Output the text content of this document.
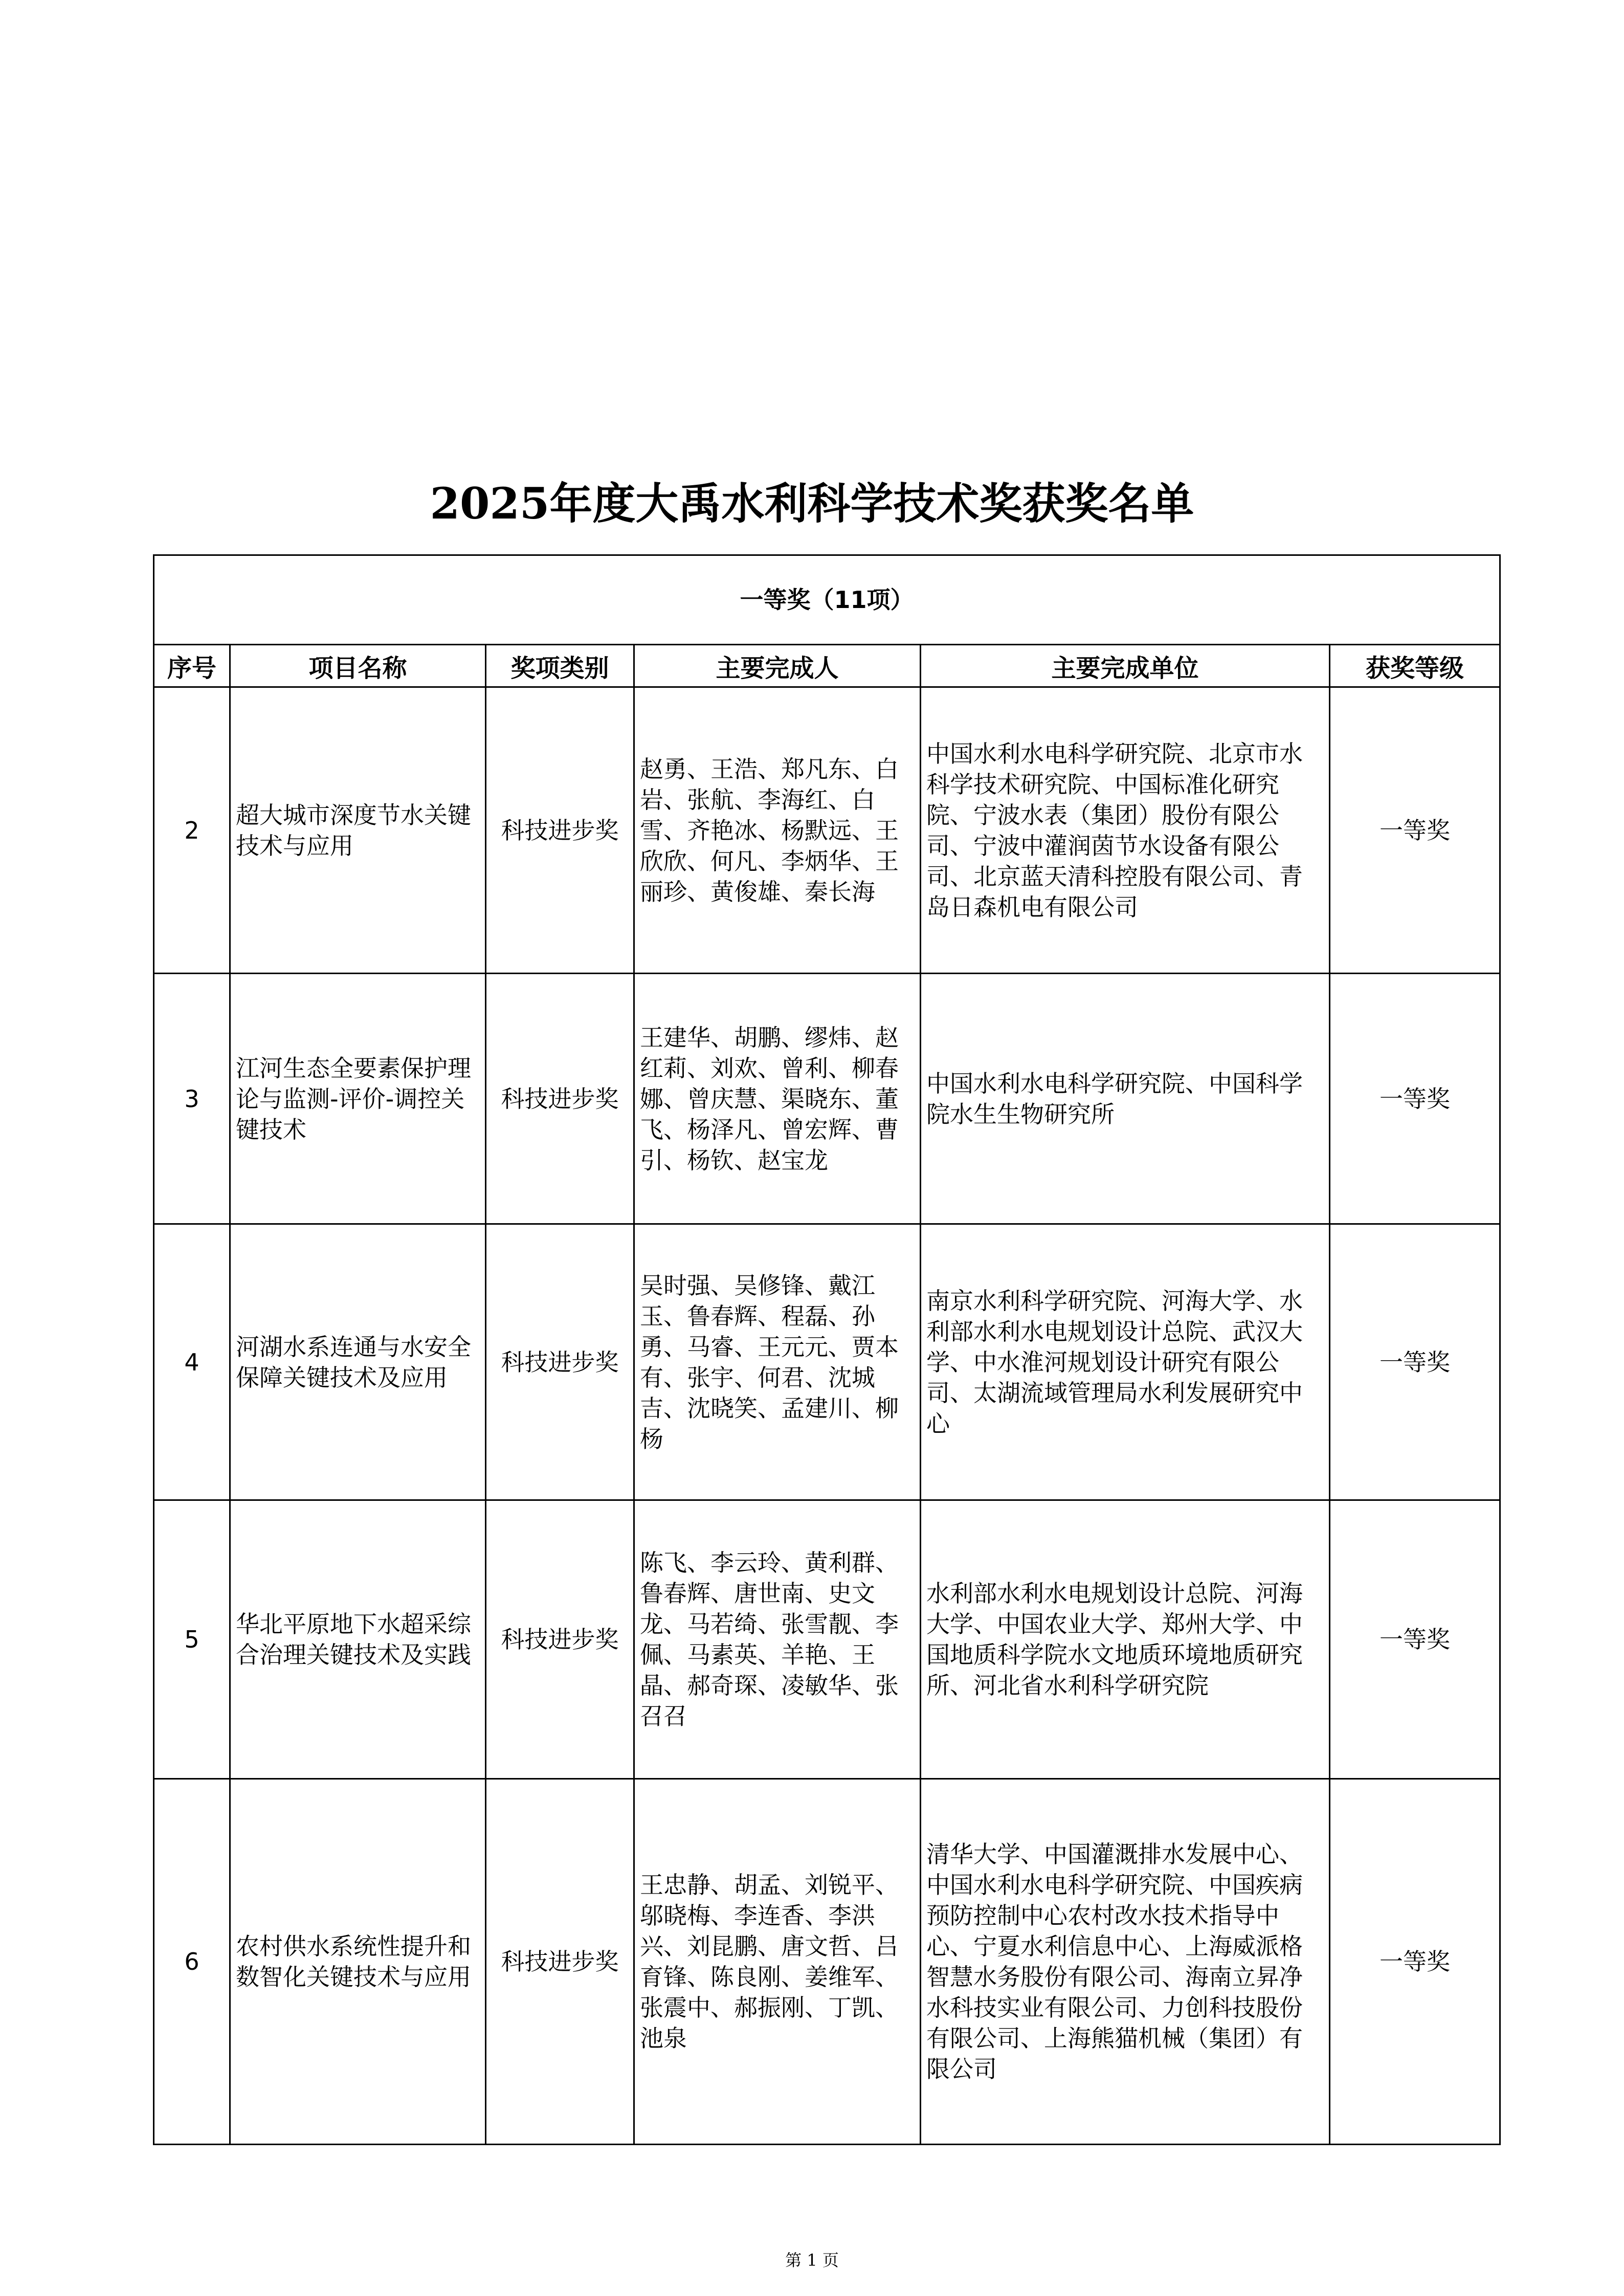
2025年度大禹水利科学技术奖获奖名单
一等奖（11项）					
序号	项目名称	奖项类别	主要完成人	主要完成单位	获奖等级
2	超大城市深度节水关键技术与应用	科技进步奖	赵勇、王浩、郑凡东、白岩、张航、李海红、白雪、齐艳冰、杨默远、王欣欣、何凡、李炳华、王丽珍、黄俊雄、秦长海	中国水利水电科学研究院、北京市水科学技术研究院、中国标准化研究院、宁波水表（集团）股份有限公司、宁波中灌润茵节水设备有限公司、北京蓝天清科控股有限公司、青岛日森机电有限公司	一等奖
3	江河生态全要素保护理论与监测-评价-调控关键技术	科技进步奖	王建华、胡鹏、缪炜、赵红莉、刘欢、曾利、柳春娜、曾庆慧、渠晓东、董飞、杨泽凡、曾宏辉、曹引、杨钦、赵宝龙	中国水利水电科学研究院、中国科学院水生生物研究所	一等奖
4	河湖水系连通与水安全保障关键技术及应用	科技进步奖	吴时强、吴修锋、戴江玉、鲁春辉、程磊、孙勇、马睿、王元元、贾本有、张宇、何君、沈城吉、沈晓笑、孟建川、柳杨	南京水利科学研究院、河海大学、水利部水利水电规划设计总院、武汉大学、中水淮河规划设计研究有限公司、太湖流域管理局水利发展研究中心	一等奖
5	华北平原地下水超采综合治理关键技术及实践	科技进步奖	陈飞、李云玲、黄利群、鲁春辉、唐世南、史文龙、马若绮、张雪靓、李佩、马素英、羊艳、王晶、郝奇琛、凌敏华、张召召	水利部水利水电规划设计总院、河海大学、中国农业大学、郑州大学、中国地质科学院水文地质环境地质研究所、河北省水利科学研究院	一等奖
6	农村供水系统性提升和数智化关键技术与应用	科技进步奖	王忠静、胡孟、刘锐平、邬晓梅、李连香、李洪兴、刘昆鹏、唐文哲、吕育锋、陈良刚、姜维军、张震中、郝振刚、丁凯、池泉	清华大学、中国灌溉排水发展中心、中国水利水电科学研究院、中国疾病预防控制中心农村改水技术指导中心、宁夏水利信息中心、上海威派格智慧水务股份有限公司、海南立昇净水科技实业有限公司、力创科技股份有限公司、上海熊猫机械（集团）有限公司	一等奖
第 1 页
